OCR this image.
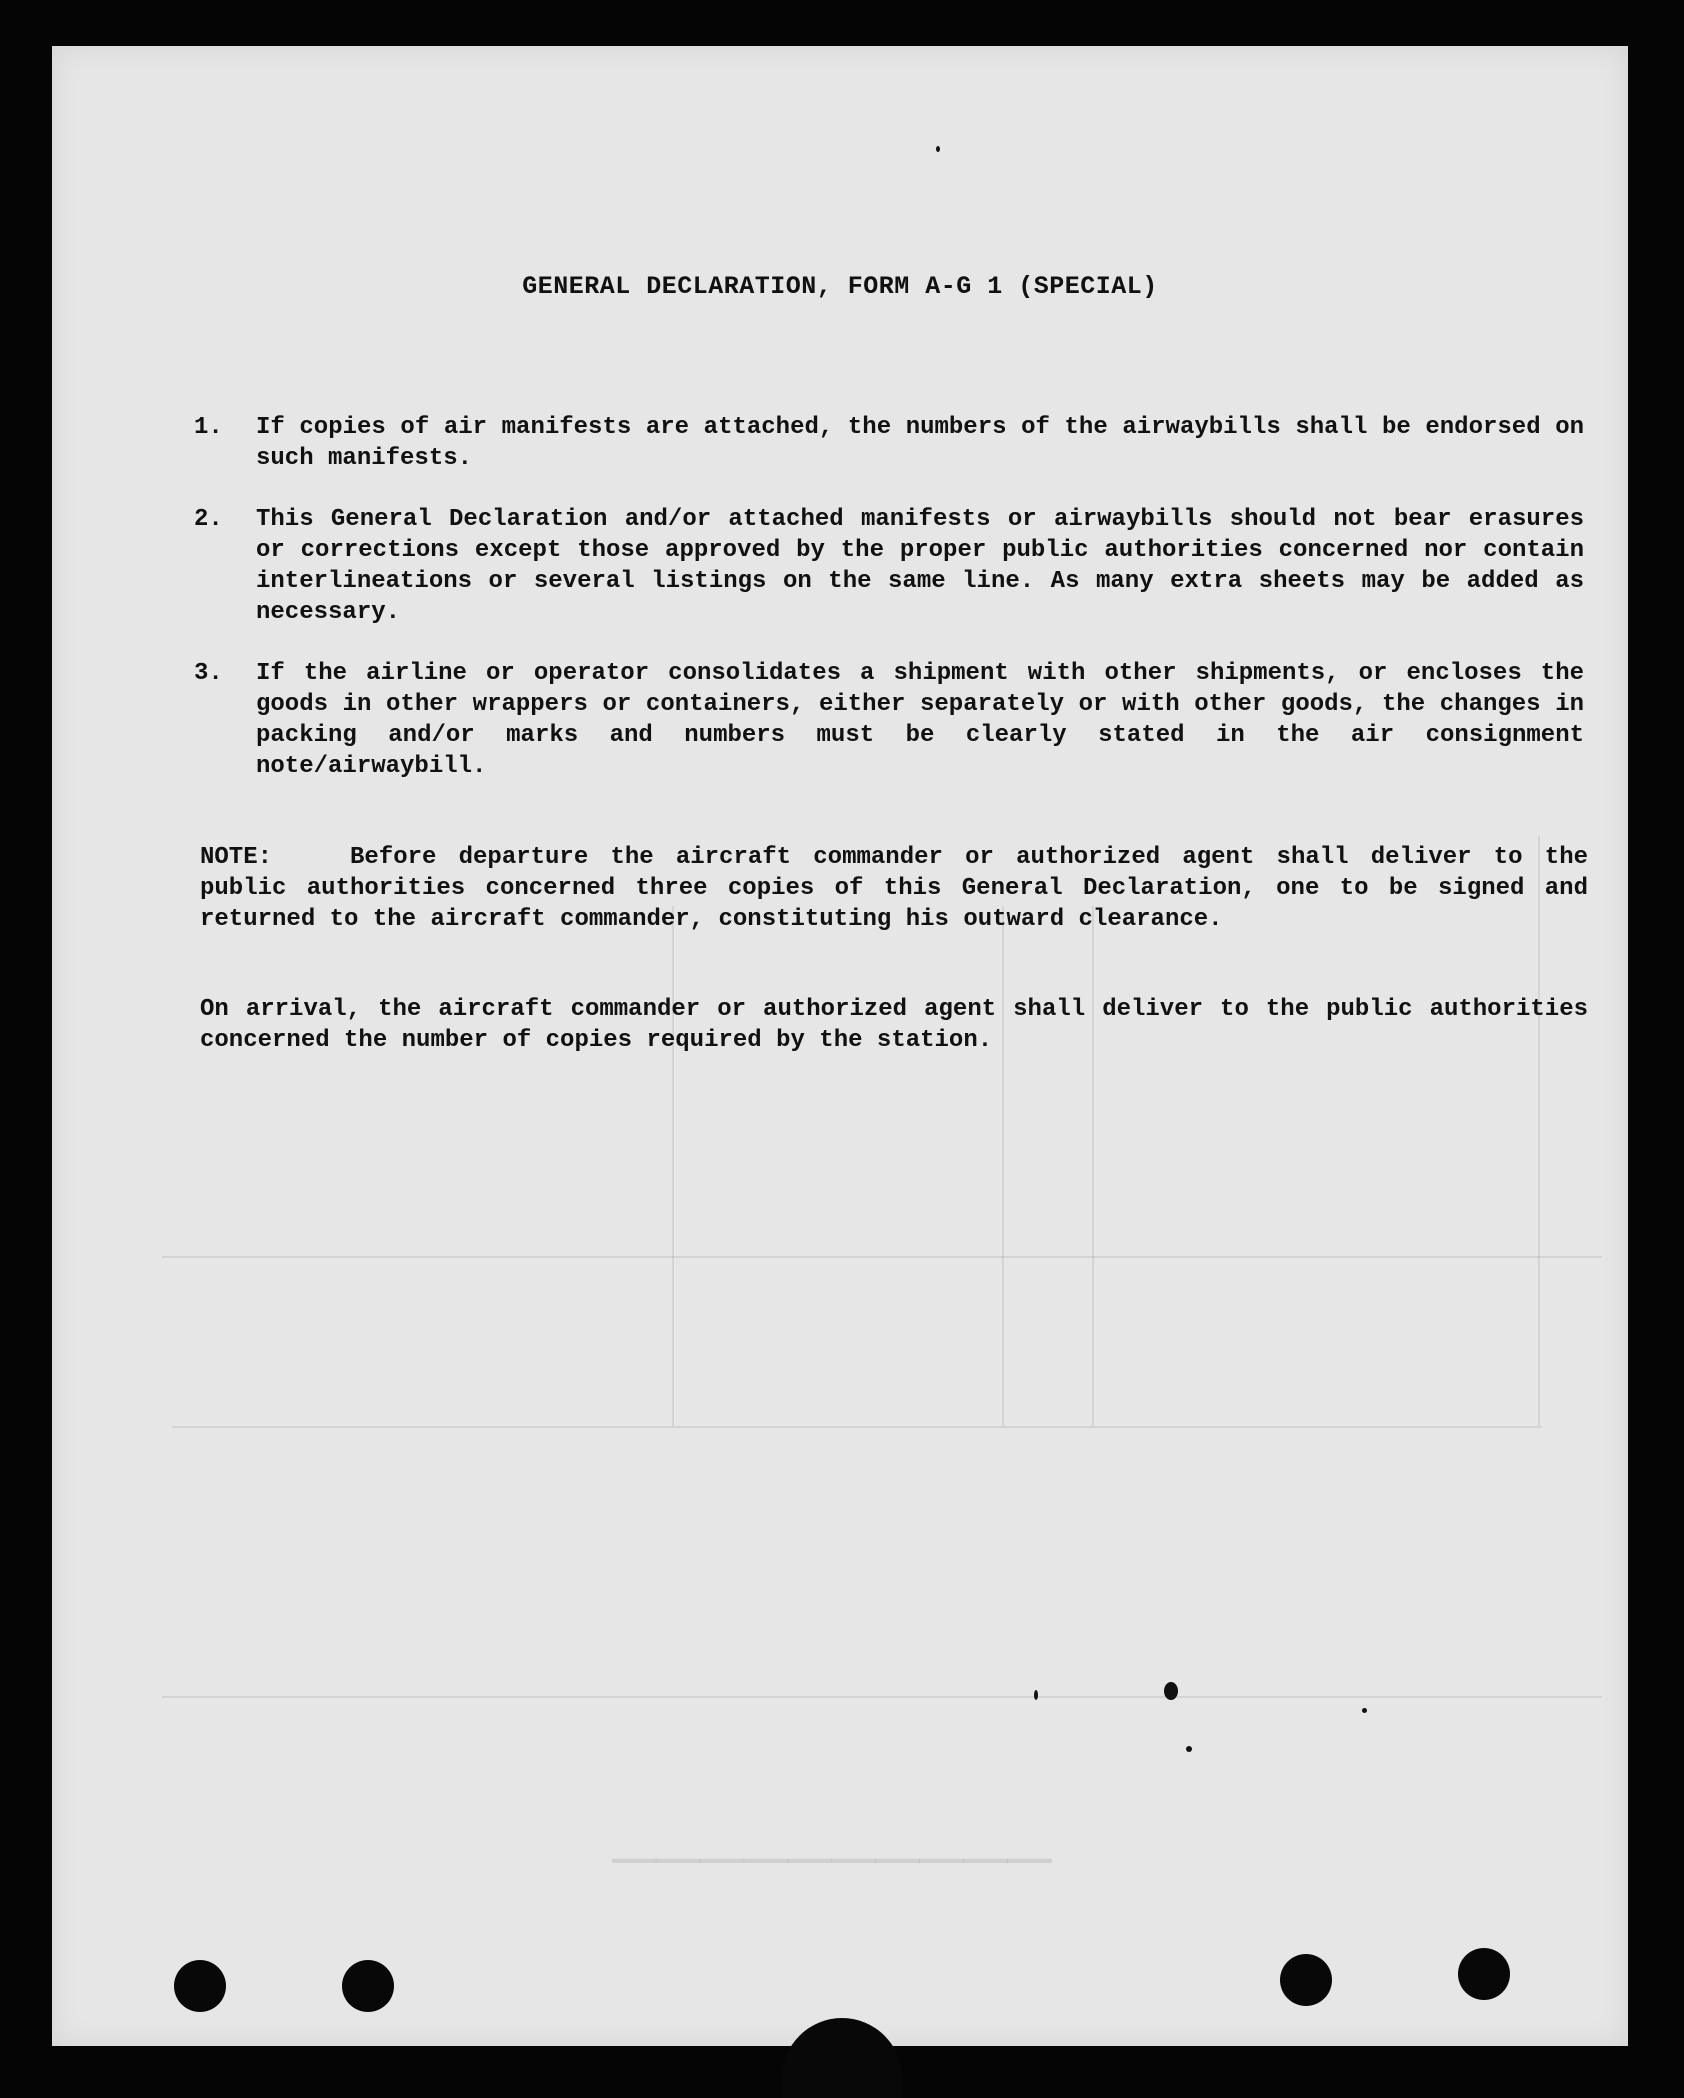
──────────
GENERAL DECLARATION, FORM A-G 1 (SPECIAL)
1.	If copies of air manifests are attached, the numbers of the airwaybills shall be endorsed on such manifests.
2.	This General Declaration and/or attached manifests or airwaybills should not bear erasures or corrections except those approved by the proper public authorities concerned nor contain interlineations or several listings on the same line. As many extra sheets may be added as necessary.
3.	If the airline or operator consolidates a shipment with other shipments, or encloses the goods in other wrappers or containers, either separately or with other goods, the changes in packing and/or marks and numbers must be clearly stated in the air consignment note/airwaybill.
NOTE:	Before departure the aircraft commander or authorized agent shall deliver to the public authorities concerned three copies of this General Declaration, one to be signed and returned to the aircraft commander, constituting his outward clearance.
On arrival, the aircraft commander or authorized agent shall deliver to the public authorities concerned the number of copies required by the station.
